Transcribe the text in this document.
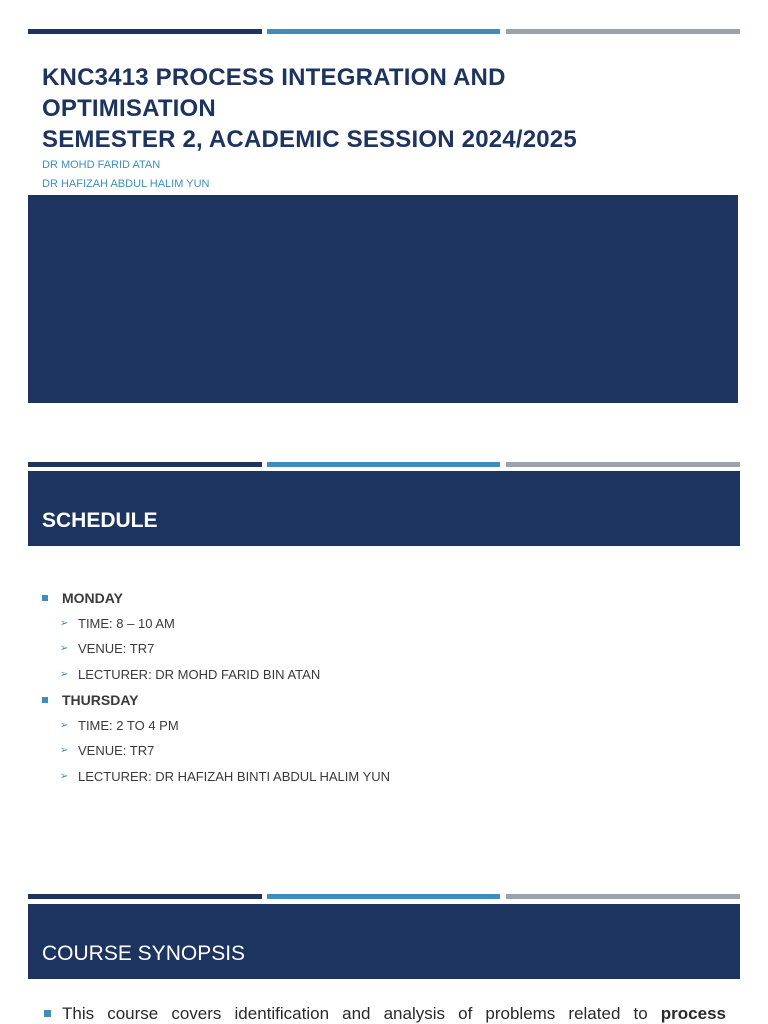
KNC3413 PROCESS INTEGRATION AND
OPTIMISATION
SEMESTER 2, ACADEMIC SESSION 2024/2025
DR MOHD FARID ATAN
DR HAFIZAH ABDUL HALIM YUN
SCHEDULE
MONDAY
➢ TIME: 8 – 10 AM
➢ VENUE: TR7
➢ LECTURER: DR MOHD FARID BIN ATAN
THURSDAY
➢ TIME: 2 TO 4 PM
➢ VENUE: TR7
➢ LECTURER: DR HAFIZAH BINTI ABDUL HALIM YUN
COURSE SYNOPSIS
This course covers identification and analysis of problems related to process
